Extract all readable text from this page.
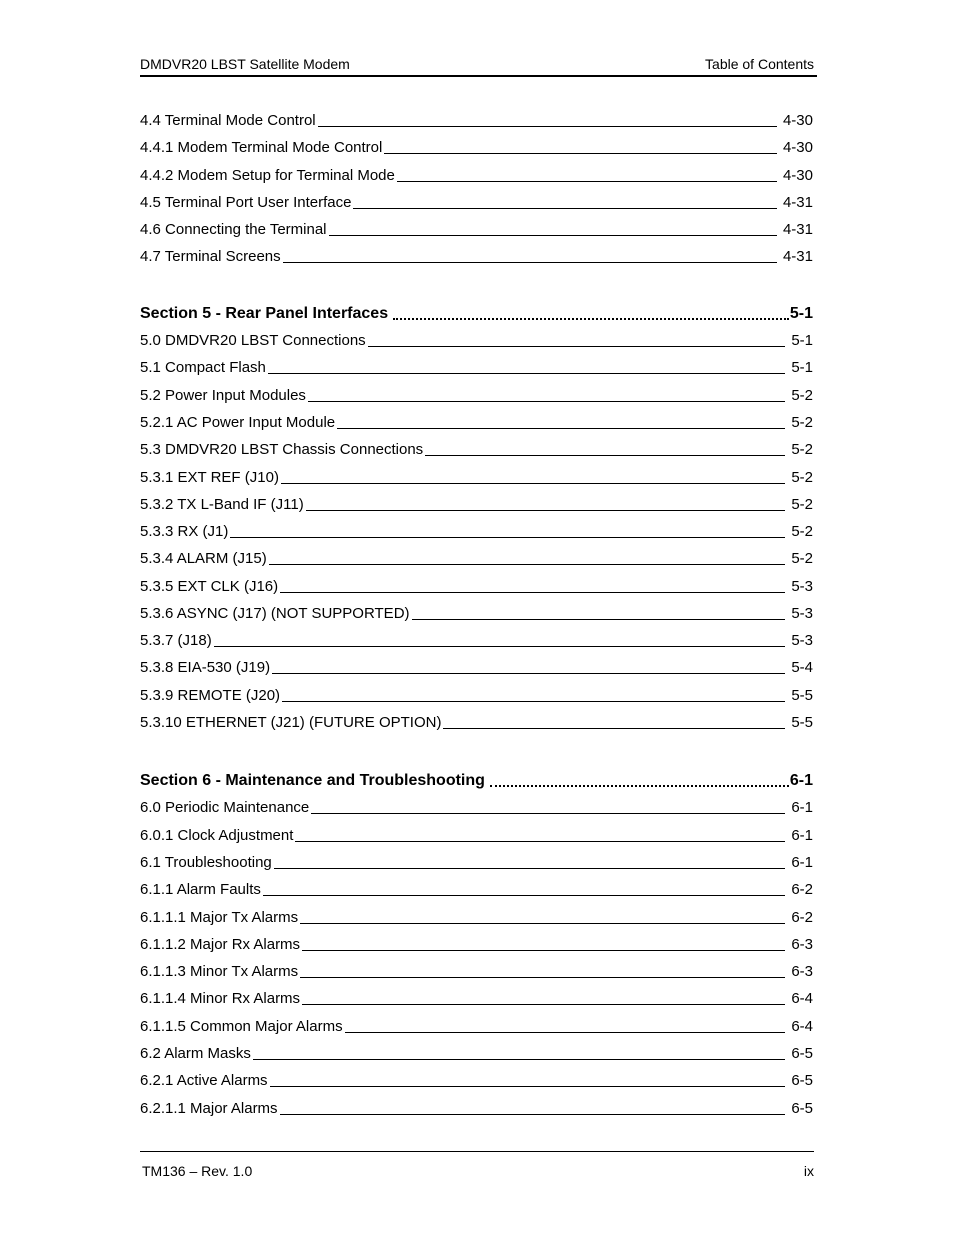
DMDVR20 LBST Satellite Modem	Table of Contents
4.4 Terminal Mode Control	4-30
4.4.1 Modem Terminal Mode Control	4-30
4.4.2 Modem Setup for Terminal Mode	4-30
4.5 Terminal Port User Interface	4-31
4.6 Connecting the Terminal	4-31
4.7 Terminal Screens	4-31
Section 5 - Rear Panel Interfaces	5-1
5.0 DMDVR20 LBST Connections	5-1
5.1 Compact Flash	5-1
5.2 Power Input Modules	5-2
5.2.1 AC Power Input Module	5-2
5.3 DMDVR20 LBST Chassis Connections	5-2
5.3.1 EXT REF (J10)	5-2
5.3.2 TX L-Band IF (J11)	5-2
5.3.3 RX (J1)	5-2
5.3.4 ALARM (J15)	5-2
5.3.5 EXT CLK (J16)	5-3
5.3.6 ASYNC (J17) (NOT SUPPORTED)	5-3
5.3.7 (J18)	5-3
5.3.8 EIA-530 (J19)	5-4
5.3.9 REMOTE (J20)	5-5
5.3.10 ETHERNET (J21) (FUTURE OPTION)	5-5
Section 6 - Maintenance and Troubleshooting	6-1
6.0 Periodic Maintenance	6-1
6.0.1 Clock Adjustment	6-1
6.1 Troubleshooting	6-1
6.1.1 Alarm Faults	6-2
6.1.1.1 Major Tx Alarms	6-2
6.1.1.2 Major Rx Alarms	6-3
6.1.1.3 Minor Tx Alarms	6-3
6.1.1.4 Minor Rx Alarms	6-4
6.1.1.5 Common Major Alarms	6-4
6.2 Alarm Masks	6-5
6.2.1 Active Alarms	6-5
6.2.1.1 Major Alarms	6-5
TM136 – Rev. 1.0	ix
